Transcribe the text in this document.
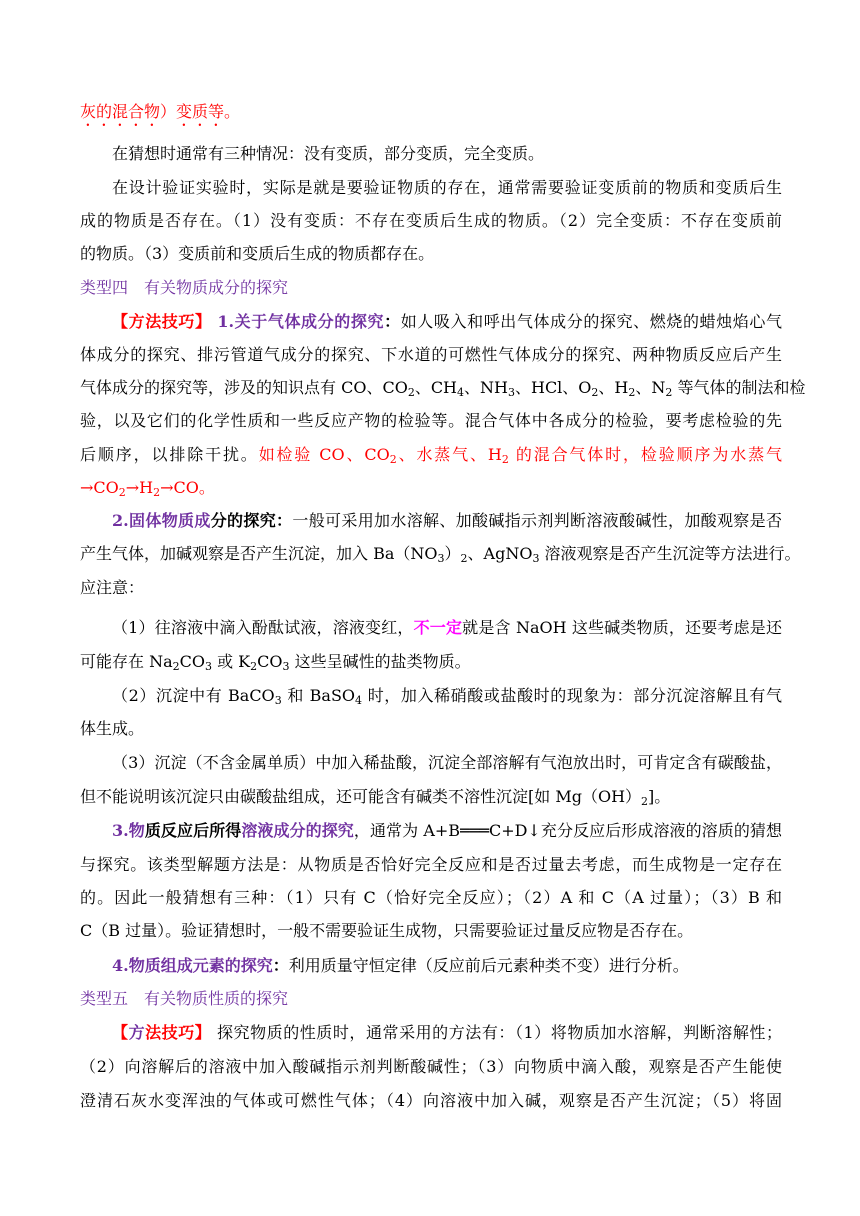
灰的混合物）变质等。
在猜想时通常有三种情况：没有变质，部分变质，完全变质。
在设计验证实验时，实际是就是要验证物质的存在，通常需要验证变质前的物质和变质后生
成的物质是否存在。（1）没有变质：不存在变质后生成的物质。（2）完全变质：不存在变质前
的物质。（3）变质前和变质后生成的物质都存在。
类型四　有关物质成分的探究
【方法技巧】 1.关于气体成分的探究：如人吸入和呼出气体成分的探究、燃烧的蜡烛焰心气
体成分的探究、排污管道气成分的探究、下水道的可燃性气体成分的探究、两种物质反应后产生
气体成分的探究等，涉及的知识点有 CO、$CO_2$、$CH_4$、$NH_3$、HCl、$O_2$、$H_2$、$N_2$ 等气体的制法和检
验，以及它们的化学性质和一些反应产物的检验等。混合气体中各成分的检验，要考虑检验的先
后顺序，以排除干扰。如检验 CO、$CO_2$、水蒸气、$H_2$ 的混合气体时，检验顺序为水蒸气
$\to CO_2\to H_2\to CO$。
2.固体物质成分的探究：一般可采用加水溶解、加酸碱指示剂判断溶液酸碱性，加酸观察是否
产生气体，加碱观察是否产生沉淀，加入 $Ba(NO_3)_2$、AgNO$_3$ 溶液观察是否产生沉淀等方法进行。
应注意：
（1）往溶液中滴入酚酞试液，溶液变红，不一定就是含 NaOH 这些碱类物质，还要考虑是还
可能存在 $Na_2CO_3$ 或 $K_2CO_3$ 这些呈碱性的盐类物质。
（2）沉淀中有 BaCO$_3$ 和 BaSO$_4$ 时，加入稀硝酸或盐酸时的现象为：部分沉淀溶解且有气
体生成。
（3）沉淀（不含金属单质）中加入稀盐酸，沉淀全部溶解有气泡放出时，可肯定含有碳酸盐，
但不能说明该沉淀只由碳酸盐组成，还可能含有碱类不溶性沉淀[如 $Mg(OH)_2$]。
3.物质反应后所得溶液成分的探究，通常为 A+B═══C+D↓充分反应后形成溶液的溶质的猜想
与探究。该类型解题方法是：从物质是否恰好完全反应和是否过量去考虑，而生成物是一定存在
的。因此一般猜想有三种：（1）只有 C（恰好完全反应）；（2）A 和 C（A 过量）；（3）B 和
C（B 过量）。验证猜想时，一般不需要验证生成物，只需要验证过量反应物是否存在。
4.物质组成元素的探究：利用质量守恒定律（反应前后元素种类不变）进行分析。
类型五　有关物质性质的探究
【方法技巧】 探究物质的性质时，通常采用的方法有：（1）将物质加水溶解，判断溶解性；
（2）向溶解后的溶液中加入酸碱指示剂判断酸碱性；（3）向物质中滴入酸，观察是否产生能使
澄清石灰水变浑浊的气体或可燃性气体；（4）向溶液中加入碱，观察是否产生沉淀；（5）将固
